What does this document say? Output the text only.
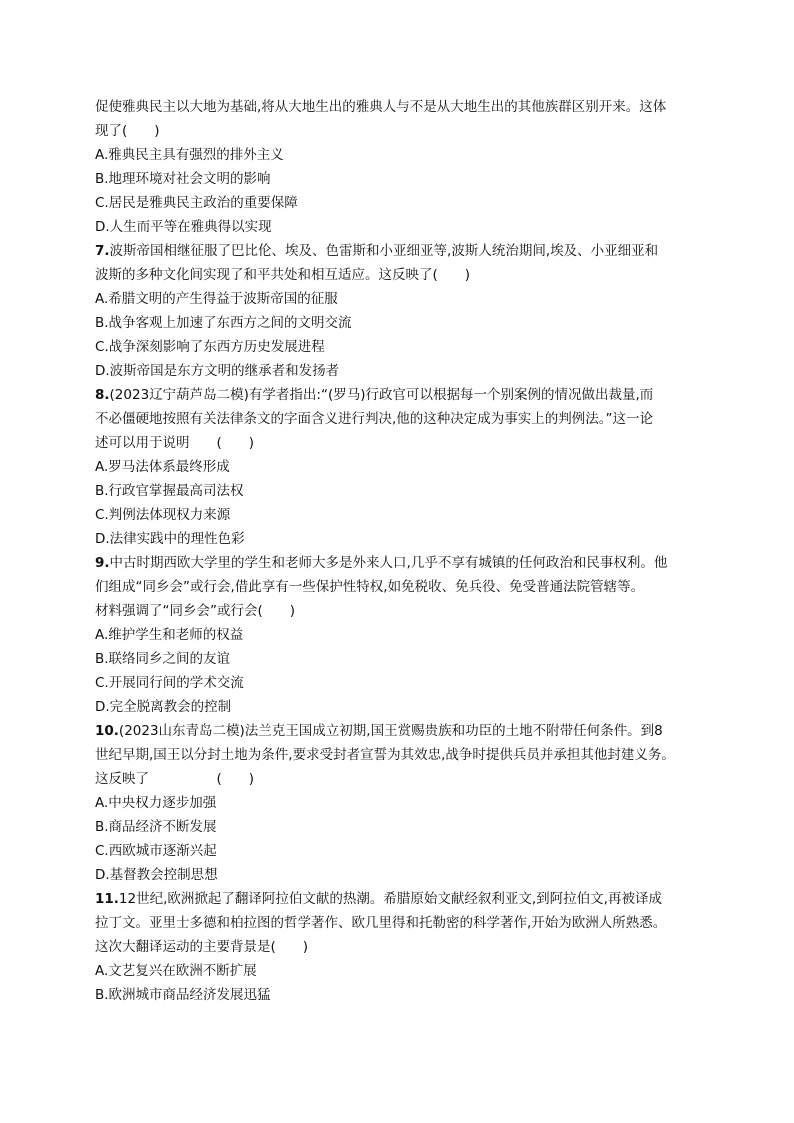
促使雅典民主以大地为基础,将从大地生出的雅典人与不是从大地生出的其他族群区别开来。这体
现了(　　)
A.雅典民主具有强烈的排外主义
B.地理环境对社会文明的影响
C.居民是雅典民主政治的重要保障
D.人生而平等在雅典得以实现
7.波斯帝国相继征服了巴比伦、埃及、色雷斯和小亚细亚等,波斯人统治期间,埃及、小亚细亚和
波斯的多种文化间实现了和平共处和相互适应。这反映了(　　)
A.希腊文明的产生得益于波斯帝国的征服
B.战争客观上加速了东西方之间的文明交流
C.战争深刻影响了东西方历史发展进程
D.波斯帝国是东方文明的继承者和发扬者
8.(2023辽宁葫芦岛二模)有学者指出:“(罗马)行政官可以根据每一个别案例的情况做出裁量,而
不必僵硬地按照有关法律条文的字面含义进行判决,他的这种决定成为事实上的判例法。”这一论
述可以用于说明　　(　　)
A.罗马法体系最终形成
B.行政官掌握最高司法权
C.判例法体现权力来源
D.法律实践中的理性色彩
9.中古时期西欧大学里的学生和老师大多是外来人口,几乎不享有城镇的任何政治和民事权利。他
们组成“同乡会”或行会,借此享有一些保护性特权,如免税收、免兵役、免受普通法院管辖等。
材料强调了“同乡会”或行会(　　)
A.维护学生和老师的权益
B.联络同乡之间的友谊
C.开展同行间的学术交流
D.完全脱离教会的控制
10.(2023山东青岛二模)法兰克王国成立初期,国王赏赐贵族和功臣的土地不附带任何条件。到8
世纪早期,国王以分封土地为条件,要求受封者宣誓为其效忠,战争时提供兵员并承担其他封建义务。
这反映了　　　　　(　　)
A.中央权力逐步加强
B.商品经济不断发展
C.西欧城市逐渐兴起
D.基督教会控制思想
11.12世纪,欧洲掀起了翻译阿拉伯文献的热潮。希腊原始文献经叙利亚文,到阿拉伯文,再被译成
拉丁文。亚里士多德和柏拉图的哲学著作、欧几里得和托勒密的科学著作,开始为欧洲人所熟悉。
这次大翻译运动的主要背景是(　　)
A.文艺复兴在欧洲不断扩展
B.欧洲城市商品经济发展迅猛
